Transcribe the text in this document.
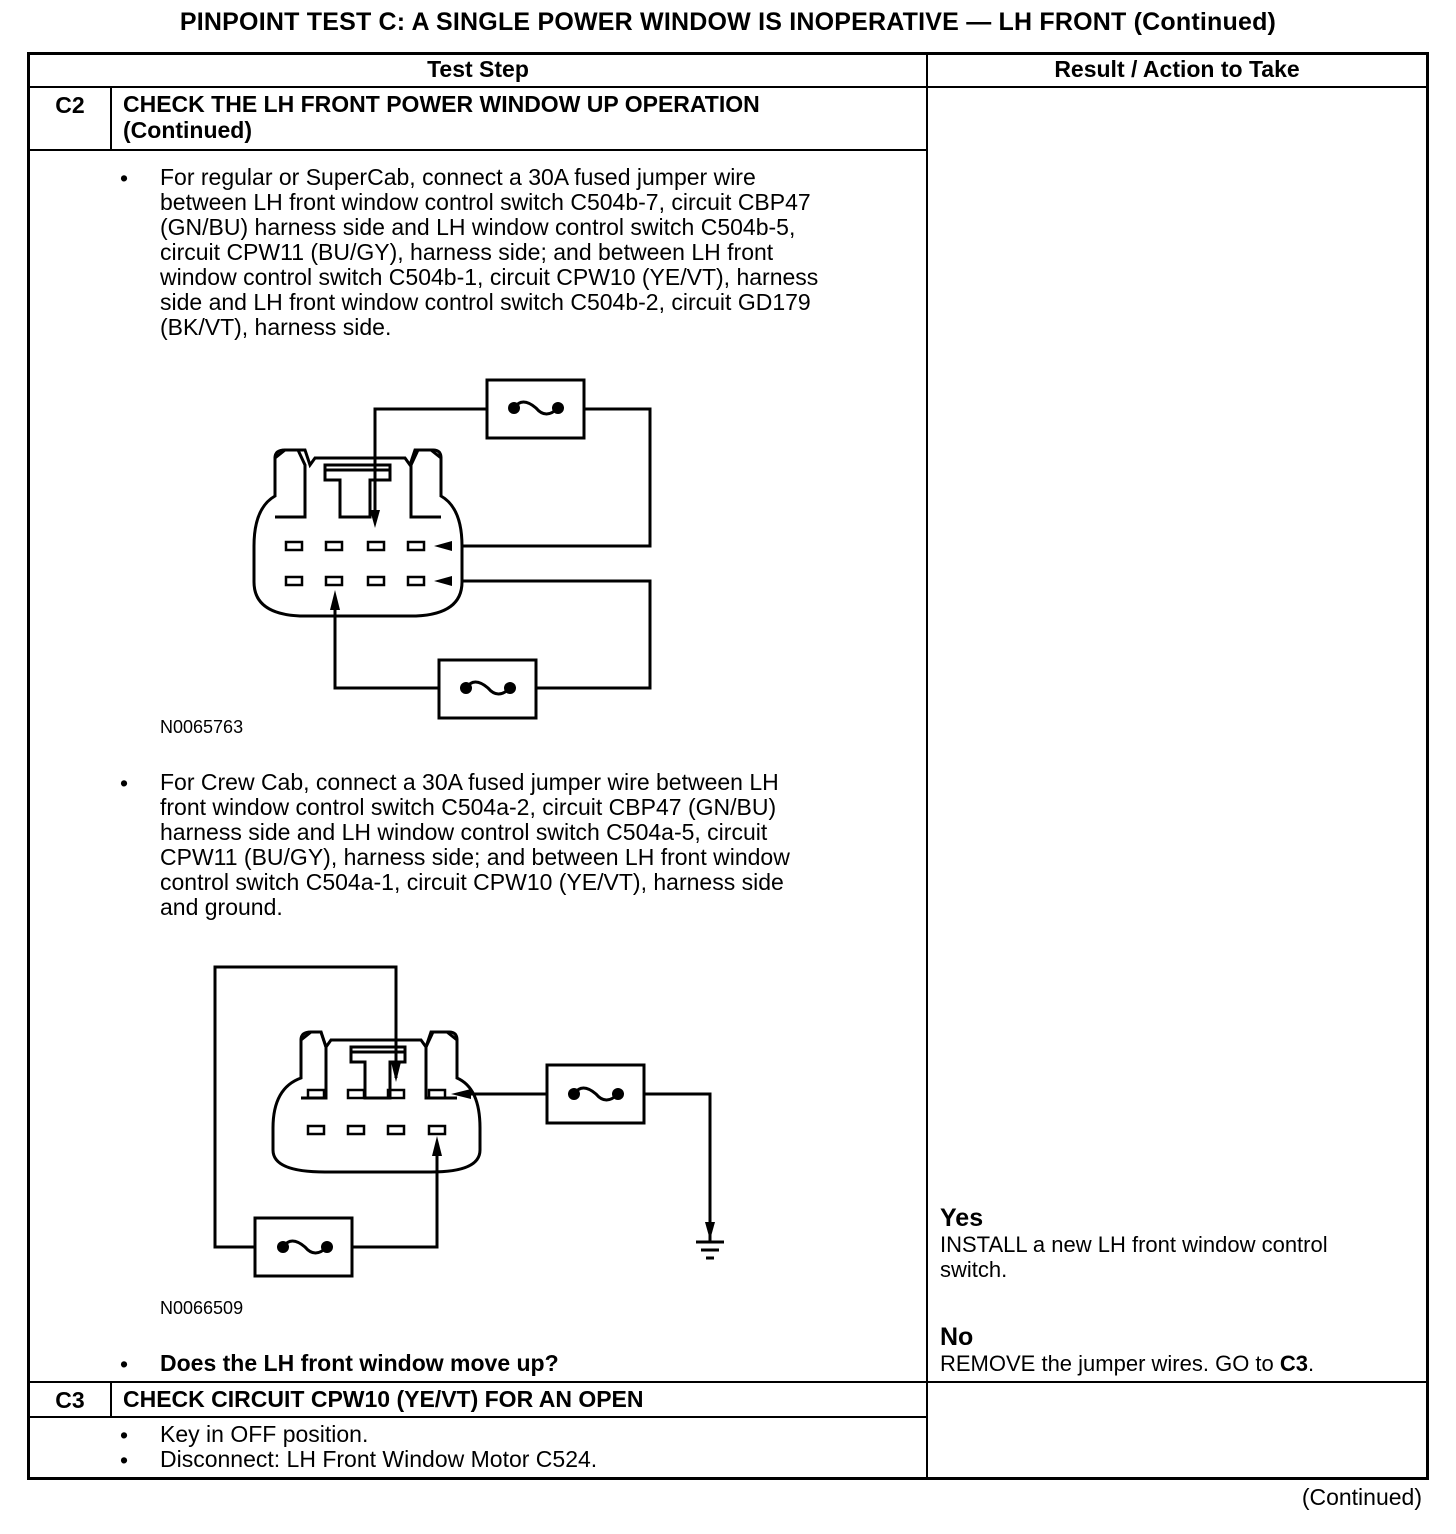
PINPOINT TEST C: A SINGLE POWER WINDOW IS INOPERATIVE — LH FRONT (Continued)
Test Step	Result / Action to Take
C2	CHECK THE LH FRONT POWER WINDOW UP OPERATION
(Continued)
• For regular or SuperCab, connect a 30A fused jumper wire
between LH front window control switch C504b-7, circuit CBP47
(GN/BU) harness side and LH window control switch C504b-5,
circuit CPW11 (BU/GY), harness side; and between LH front
window control switch C504b-1, circuit CPW10 (YE/VT), harness
side and LH front window control switch C504b-2, circuit GD179
(BK/VT), harness side.
N0065763
• For Crew Cab, connect a 30A fused jumper wire between LH
front window control switch C504a-2, circuit CBP47 (GN/BU)
harness side and LH window control switch C504a-5, circuit
CPW11 (BU/GY), harness side; and between LH front window
control switch C504a-1, circuit CPW10 (YE/VT), harness side
and ground.
N0066509
• Does the LH front window move up?
Yes
INSTALL a new LH front window control
switch.
No
REMOVE the jumper wires. GO to C3.
C3	CHECK CIRCUIT CPW10 (YE/VT) FOR AN OPEN
• Key in OFF position.
• Disconnect: LH Front Window Motor C524.
(Continued)
